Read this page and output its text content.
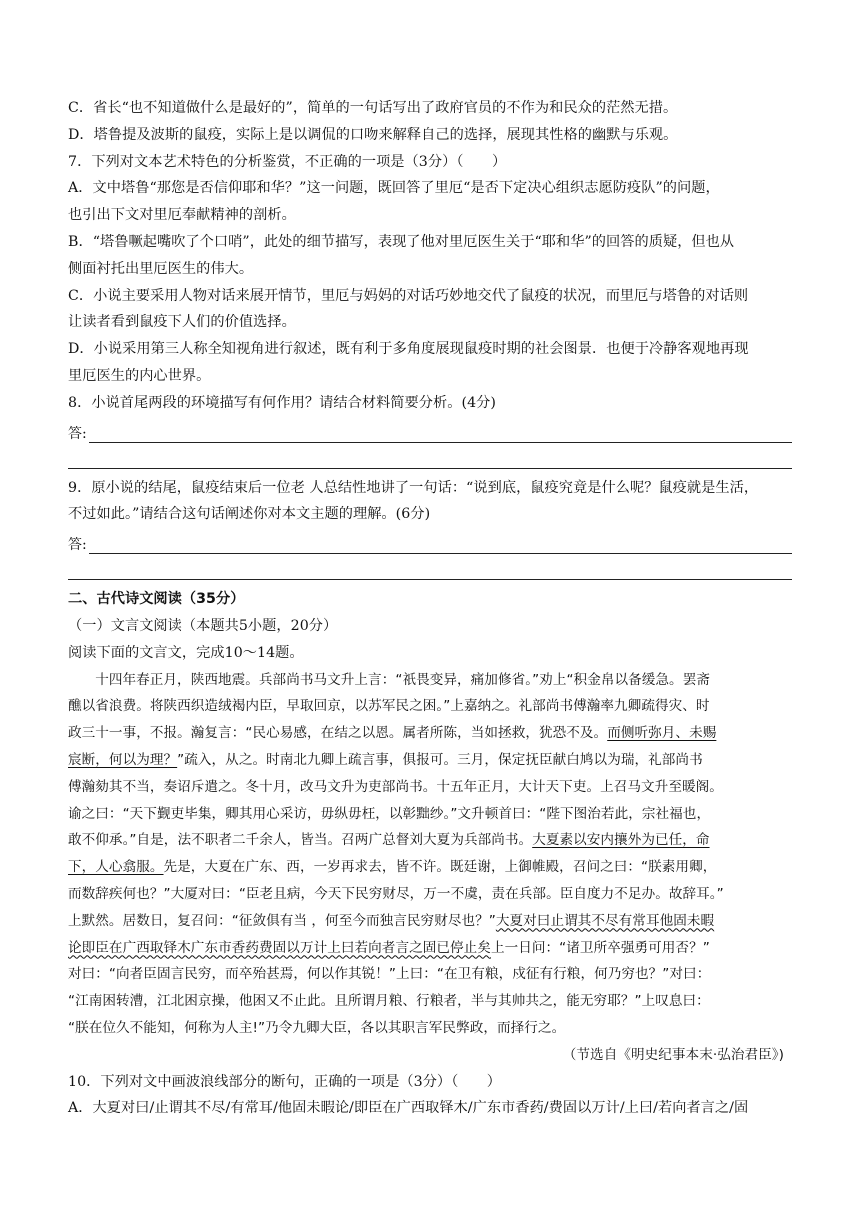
C．省长“也不知道做什么是最好的”，简单的一句话写出了政府官员的不作为和民众的茫然无措。
D．塔鲁提及波斯的鼠疫，实际上是以调侃的口吻来解释自己的选择，展现其性格的幽默与乐观。
7．下列对文本艺术特色的分析鉴赏，不正确的一项是（3分）（　　）
A．文中塔鲁“那您是否信仰耶和华？”这一问题，既回答了里厄“是否下定决心组织志愿防疫队”的问题，
也引出下文对里厄奉献精神的剖析。
B．“塔鲁噘起嘴吹了个口哨”，此处的细节描写，表现了他对里厄医生关于“耶和华”的回答的质疑，但也从
侧面衬托出里厄医生的伟大。
C．小说主要采用人物对话来展开情节，里厄与妈妈的对话巧妙地交代了鼠疫的状况，而里厄与塔鲁的对话则
让读者看到鼠疫下人们的价值选择。
D．小说采用第三人称全知视角进行叙述，既有利于多角度展现鼠疫时期的社会图景．也便于冷静客观地再现
里厄医生的内心世界。
8．小说首尾两段的环境描写有何作用？请结合材料简要分析。(4分)
答:
9．原小说的结尾，鼠疫结束后一位老 人总结性地讲了一句话：“说到底，鼠疫究竟是什么呢？鼠疫就是生活，
不过如此。”请结合这句话阐述你对本文主题的理解。(6分)
答:
二、古代诗文阅读（35分）
（一）文言文阅读（本题共5小题，20分）
阅读下面的文言文，完成10～14题。
十四年春正月，陕西地震。兵部尚书马文升上言：“祇畏变异，痛加修省。”劝上“积金帛以备缓急。罢斋
醮以省浪费。将陕西织造绒褐内臣，早取回京，以苏军民之困。”上嘉纳之。礼部尚书傅瀚率九卿疏得灾、时
政三十一事，不报。瀚复言：“民心易感，在结之以恩。属者所陈，当如拯救，犹恐不及。而侧听弥月、未赐
宸断，何以为理？”疏入，从之。时南北九卿上疏言事，俱报可。三月，保定抚臣献白鸠以为瑞，礼部尚书
傅瀚劾其不当，奏诏斥遣之。冬十月，改马文升为吏部尚书。十五年正月，大计天下吏。上召马文升至暖阁。
谕之曰：“天下觐吏毕集，卿其用心采访，毋纵毋枉，以彰黜纱。”文升顿首曰：“陛下图治若此，宗社福也，
敢不仰承。”自是，法不职者二千余人，皆当。召两广总督刘大夏为兵部尚书。大夏素以安内攘外为已任，命
下，人心翕服。先是，大夏在广东、西，一岁再求去，皆不许。既廷谢，上御帷殿，召问之曰：“朕素用卿，
而数辞疾何也？”大厦对曰：“臣老且病，今天下民穷财尽，万一不虞，责在兵部。臣自度力不足办。故辞耳。”
上默然。居数日，复召问：“征敛俱有当 ，何至今而独言民穷财尽也？”大夏对曰止谓其不尽有常耳他固未暇
论即臣在广西取铎木广东市香药费固以万计上曰若向者言之固已停止矣上一日问：“诸卫所卒强勇可用否？”
对曰：“向者臣固言民穷，而卒殆甚焉，何以作其锐！”上曰：“在卫有粮，戍征有行粮，何乃穷也？”对曰：
“江南困转漕，江北困京操，他困又不止此。且所谓月粮、行粮者，半与其帅共之，能无穷耶？”上叹息曰：
“朕在位久不能知，何称为人主!”乃令九卿大臣，各以其职言军民弊政，而择行之。
（节选自《明史纪事本末·弘治君臣》)
10．下列对文中画波浪线部分的断句，正确的一项是（3分）（　　）
A．大夏对曰/止谓其不尽/有常耳/他固未暇论/即臣在广西取铎木/广东市香药/费固以万计/上曰/若向者言之/固
